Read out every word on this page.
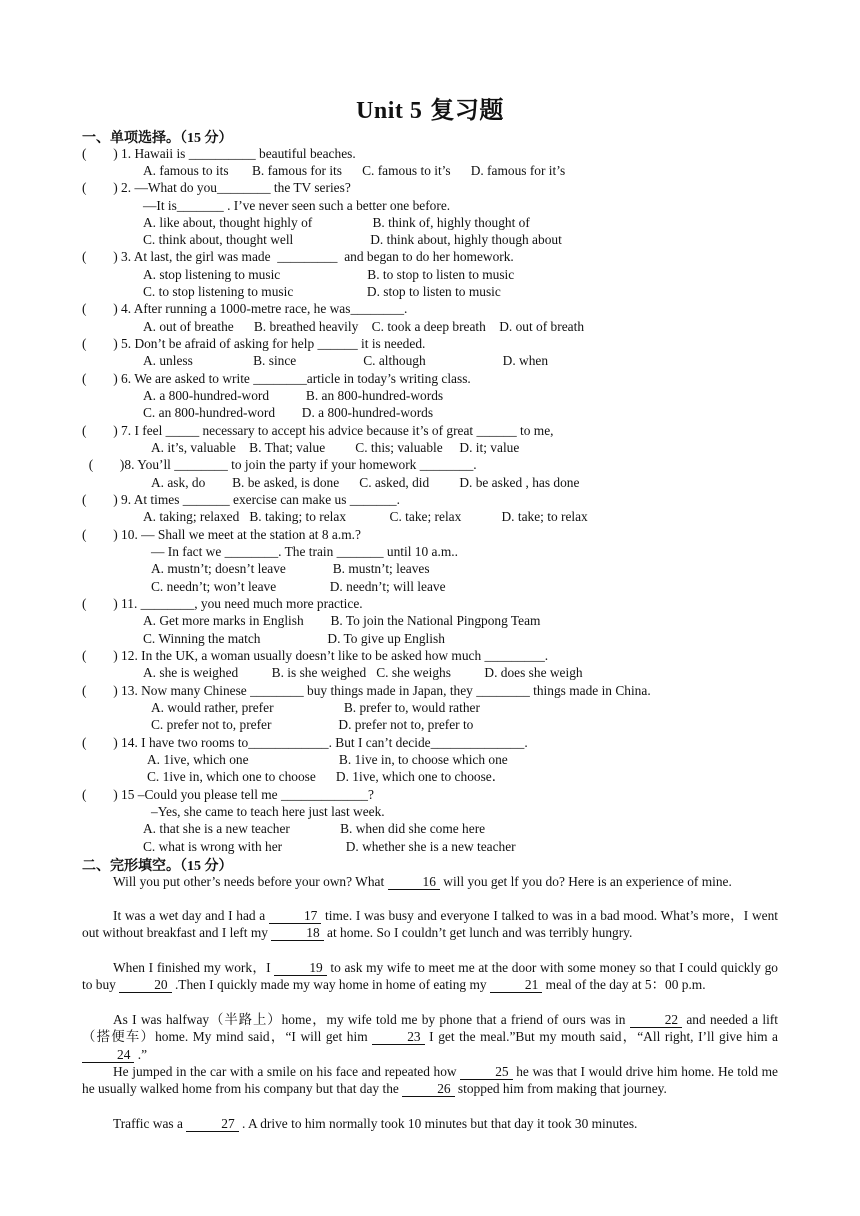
Unit 5 复习题
一、单项选择。（15 分）
(        ) 1. Hawaii is __________ beautiful beaches.
A. famous to its       B. famous for its      C. famous to it’s      D. famous for it’s
(        ) 2. —What do you________ the TV series?
—It is_______ . I’ve never seen such a better one before.
A. like about, thought highly of                  B. think of, highly thought of
C. think about, thought well                       D. think about, highly though about
(        ) 3. At last, the girl was made  _________  and began to do her homework.
A. stop listening to music                          B. to stop to listen to music
C. to stop listening to music                      D. stop to listen to music
(        ) 4. After running a 1000-metre race, he was________.
A. out of breathe      B. breathed heavily    C. took a deep breath    D. out of breath
(        ) 5. Don’t be afraid of asking for help ______ it is needed.
A. unless                  B. since                    C. although                       D. when
(        ) 6. We are asked to write ________article in today’s writing class.
A. a 800-hundred-word           B. an 800-hundred-words
C. an 800-hundred-word        D. a 800-hundred-words
(        ) 7. I feel _____ necessary to accept his advice because it’s of great ______ to me,
A. it’s, valuable    B. That; value         C. this; valuable     D. it; value
(        )8. You’ll ________ to join the party if your homework ________.
A. ask, do        B. be asked, is done      C. asked, did         D. be asked , has done
(        ) 9. At times _______ exercise can make us _______.
A. taking; relaxed   B. taking; to relax             C. take; relax            D. take; to relax
(        ) 10. — Shall we meet at the station at 8 a.m.?
— In fact we ________. The train _______ until 10 a.m..
A. mustn’t; doesn’t leave              B. mustn’t; leaves
C. needn’t; won’t leave                D. needn’t; will leave
(        ) 11. ________, you need much more practice.
A. Get more marks in English        B. To join the National Pingpong Team
C. Winning the match                    D. To give up English
(        ) 12. In the UK, a woman usually doesn’t like to be asked how much _________.
A. she is weighed          B. is she weighed   C. she weighs          D. does she weigh
(        ) 13. Now many Chinese ________ buy things made in Japan, they ________ things made in China.
A. would rather, prefer                     B. prefer to, would rather
C. prefer not to, prefer                    D. prefer not to, prefer to
(        ) 14. I have two rooms to____________. But I can’t decide______________.
A. 1ive, which one                           B. 1ive in, to choose which one
C. 1ive in, which one to choose      D. 1ive, which one to choose．
(        ) 15 –Could you please tell me _____________?
–Yes, she came to teach here just last week.
A. that she is a new teacher               B. when did she come here
C. what is wrong with her                   D. whether she is a new teacher
二、完形填空。（15 分）
Will you put other’s needs before your own? What	16 will you get lf you do? Here is an experience of mine.
It was a wet day and I had a	17 time. I was busy and everyone I talked to was in a bad mood. What’s more，I went out without breakfast and I left my	18 at home. So I couldn’t get lunch and was terribly hungry.
When I finished my work，I	19 to ask my wife to meet me at the door with some money so that I could quickly go to buy	20 .Then I quickly made my way home in home of eating my	21 meal of the day at 5：00 p.m.
As I was halfway（半路上）home，my wife told me by phone that a friend of ours was in	22 and needed a lift（搭便车）home. My mind said，“I will get him	23 I get the meal.”But my mouth said，“All right, I’ll give him a 24 .”
He jumped in the car with a smile on his face and repeated how	25 he was that I would drive him home. He told me he usually walked home from his company but that day the	26 stopped him from making that journey.
Traffic was a	27 . A drive to him normally took 10 minutes but that day it took 30 minutes.
